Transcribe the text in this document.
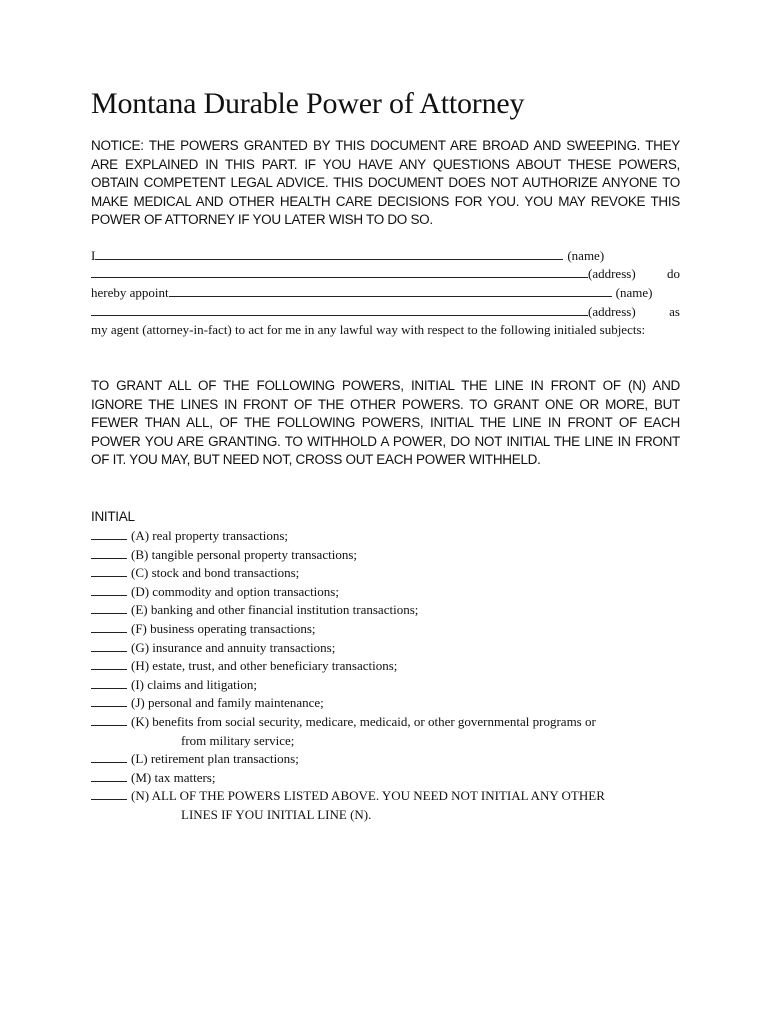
Montana Durable Power of Attorney

NOTICE: THE POWERS GRANTED BY THIS DOCUMENT ARE BROAD AND SWEEPING. THEY ARE EXPLAINED IN THIS PART. IF YOU HAVE ANY QUESTIONS ABOUT THESE POWERS, OBTAIN COMPETENT LEGAL ADVICE. THIS DOCUMENT DOES NOT AUTHORIZE ANYONE TO MAKE MEDICAL AND OTHER HEALTH CARE DECISIONS FOR YOU. YOU MAY REVOKE THIS POWER OF ATTORNEY IF YOU LATER WISH TO DO SO.

I	(name)
(address) do
hereby appoint	(name)
(address)	as

my agent (attorney-in-fact) to act for me in any lawful way with respect to the following initialed subjects:

TO GRANT ALL OF THE FOLLOWING POWERS, INITIAL THE LINE IN FRONT OF (N) AND IGNORE THE LINES IN FRONT OF THE OTHER POWERS. TO GRANT ONE OR MORE, BUT FEWER THAN ALL, OF THE FOLLOWING POWERS, INITIAL THE LINE IN FRONT OF EACH POWER YOU ARE GRANTING. TO WITHHOLD A POWER, DO NOT INITIAL THE LINE IN FRONT OF IT. YOU MAY, BUT NEED NOT, CROSS OUT EACH POWER WITHHELD.

INITIAL

(A) real property transactions;
(B) tangible personal property transactions;
(C) stock and bond transactions;
(D) commodity and option transactions;
(E) banking and other financial institution transactions;
(F) business operating transactions;
(G) insurance and annuity transactions;
(H) estate, trust, and other beneficiary transactions;
(I) claims and litigation;
(J) personal and family maintenance;
(K) benefits from social security, medicare, medicaid, or other governmental programs or
from military service;
(L) retirement plan transactions;
(M) tax matters;
(N) ALL OF THE POWERS LISTED ABOVE. YOU NEED NOT INITIAL ANY OTHER
LINES IF YOU INITIAL LINE (N).
